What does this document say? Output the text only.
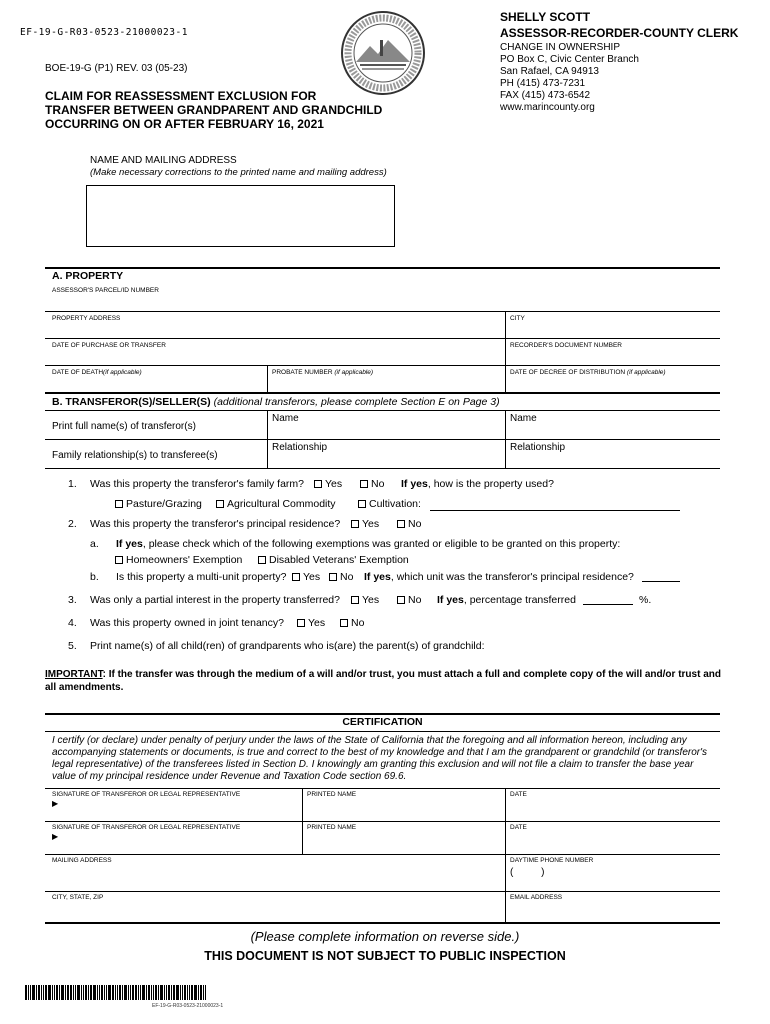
EF-19-G-R03-0523-21000023-1
BOE-19-G (P1) REV. 03 (05-23)
CLAIM FOR REASSESSMENT EXCLUSION FOR
TRANSFER BETWEEN GRANDPARENT AND GRANDCHILD
OCCURRING ON OR AFTER FEBRUARY 16, 2021
SHELLY SCOTT
ASSESSOR-RECORDER-COUNTY CLERK
CHANGE IN OWNERSHIP
PO Box C, Civic Center Branch
San Rafael, CA 94913
PH (415) 473-7231
FAX (415) 473-6542
www.marincounty.org
NAME AND MAILING ADDRESS
(Make necessary corrections to the printed name and mailing address)
A. PROPERTY
ASSESSOR'S PARCEL/ID NUMBER
PROPERTY ADDRESS	CITY
DATE OF PURCHASE OR TRANSFER	RECORDER'S DOCUMENT NUMBER
DATE OF DEATH(if applicable)	PROBATE NUMBER (if applicable)	DATE OF DECREE OF DISTRIBUTION (if applicable)
B. TRANSFEROR(S)/SELLER(S) (additional transferors, please complete Section E on Page 3)
Print full name(s) of transferor(s)
Name	Name
Family relationship(s) to transferee(s)
Relationship	Relationship
1. Was this property the transferor's family farm?	Yes	No If yes, how is the property used?
Pasture/Grazing	Agricultural Commodity	Cultivation:
2. Was this property the transferor's principal residence?	Yes	No
a. If yes, please check which of the following exemptions was granted or eligible to be granted on this property:
Homeowners' Exemption	Disabled Veterans' Exemption
b. Is this property a multi-unit property?	Yes	No If yes, which unit was the transferor's principal residence?
3. Was only a partial interest in the property transferred?	Yes	No If yes, percentage transferred	%.
4. Was this property owned in joint tenancy?	Yes	No
5. Print name(s) of all child(ren) of grandparents who is(are) the parent(s) of grandchild:
IMPORTANT: If the transfer was through the medium of a will and/or trust, you must attach a full and complete copy of the will and/or trust and all amendments.
CERTIFICATION
I certify (or declare) under penalty of perjury under the laws of the State of California that the foregoing and all information hereon, including any accompanying statements or documents, is true and correct to the best of my knowledge and that I am the grandparent or grandchild (or transferor's legal representative) of the transferees listed in Section D. I knowingly am granting this exclusion and will not file a claim to transfer the base year value of my principal residence under Revenue and Taxation Code section 69.6.
SIGNATURE OF TRANSFEROR OR LEGAL REPRESENTATIVE
▶
PRINTED NAME	DATE
SIGNATURE OF TRANSFEROR OR LEGAL REPRESENTATIVE
▶
PRINTED NAME	DATE
MAILING ADDRESS	DAYTIME PHONE NUMBER
(          )
CITY, STATE, ZIP	EMAIL ADDRESS
(Please complete information on reverse side.)
THIS DOCUMENT IS NOT SUBJECT TO PUBLIC INSPECTION
EF-19-G-R03-0523-21000023-1
